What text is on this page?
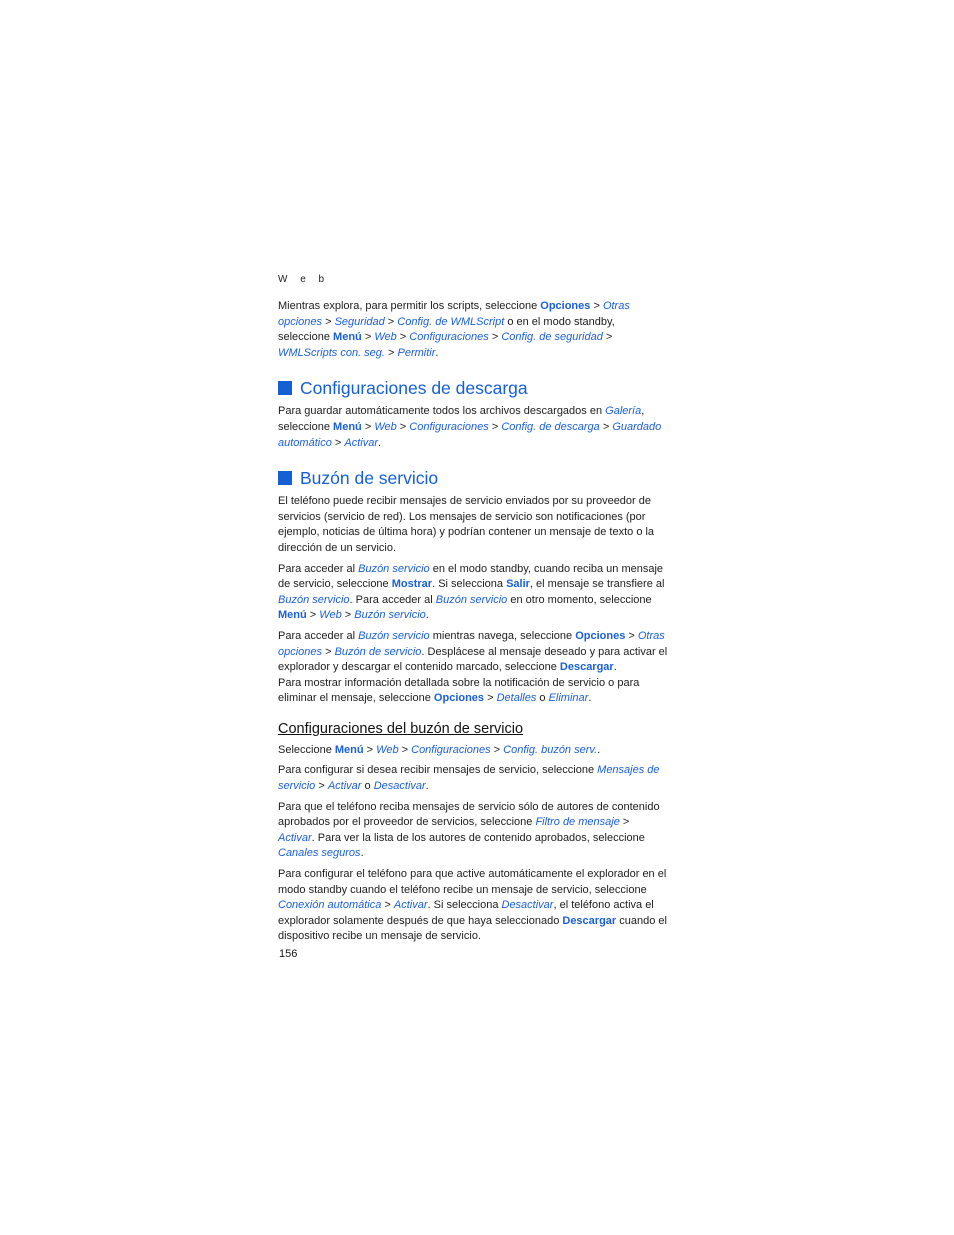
W e b

Mientras explora, para permitir los scripts, seleccione Opciones > Otras opciones > Seguridad > Config. de WMLScript o en el modo standby, seleccione Menú > Web > Configuraciones > Config. de seguridad > WMLScripts con. seg. > Permitir.

Configuraciones de descarga

Para guardar automáticamente todos los archivos descargados en Galería, seleccione Menú > Web > Configuraciones > Config. de descarga > Guardado automático > Activar.

Buzón de servicio

El teléfono puede recibir mensajes de servicio enviados por su proveedor de servicios (servicio de red). Los mensajes de servicio son notificaciones (por ejemplo, noticias de última hora) y podrían contener un mensaje de texto o la dirección de un servicio.

Para acceder al Buzón servicio en el modo standby, cuando reciba un mensaje de servicio, seleccione Mostrar. Si selecciona Salir, el mensaje se transfiere al Buzón servicio. Para acceder al Buzón servicio en otro momento, seleccione Menú > Web > Buzón servicio.

Para acceder al Buzón servicio mientras navega, seleccione Opciones > Otras opciones > Buzón de servicio. Desplácese al mensaje deseado y para activar el explorador y descargar el contenido marcado, seleccione Descargar.

Para mostrar información detallada sobre la notificación de servicio o para eliminar el mensaje, seleccione Opciones > Detalles o Eliminar.

Configuraciones del buzón de servicio

Seleccione Menú > Web > Configuraciones > Config. buzón serv..

Para configurar si desea recibir mensajes de servicio, seleccione Mensajes de servicio > Activar o Desactivar.

Para que el teléfono reciba mensajes de servicio sólo de autores de contenido aprobados por el proveedor de servicios, seleccione Filtro de mensaje > Activar. Para ver la lista de los autores de contenido aprobados, seleccione Canales seguros.

Para configurar el teléfono para que active automáticamente el explorador en el modo standby cuando el teléfono recibe un mensaje de servicio, seleccione Conexión automática > Activar. Si selecciona Desactivar, el teléfono activa el explorador solamente después de que haya seleccionado Descargar cuando el dispositivo recibe un mensaje de servicio.

156
